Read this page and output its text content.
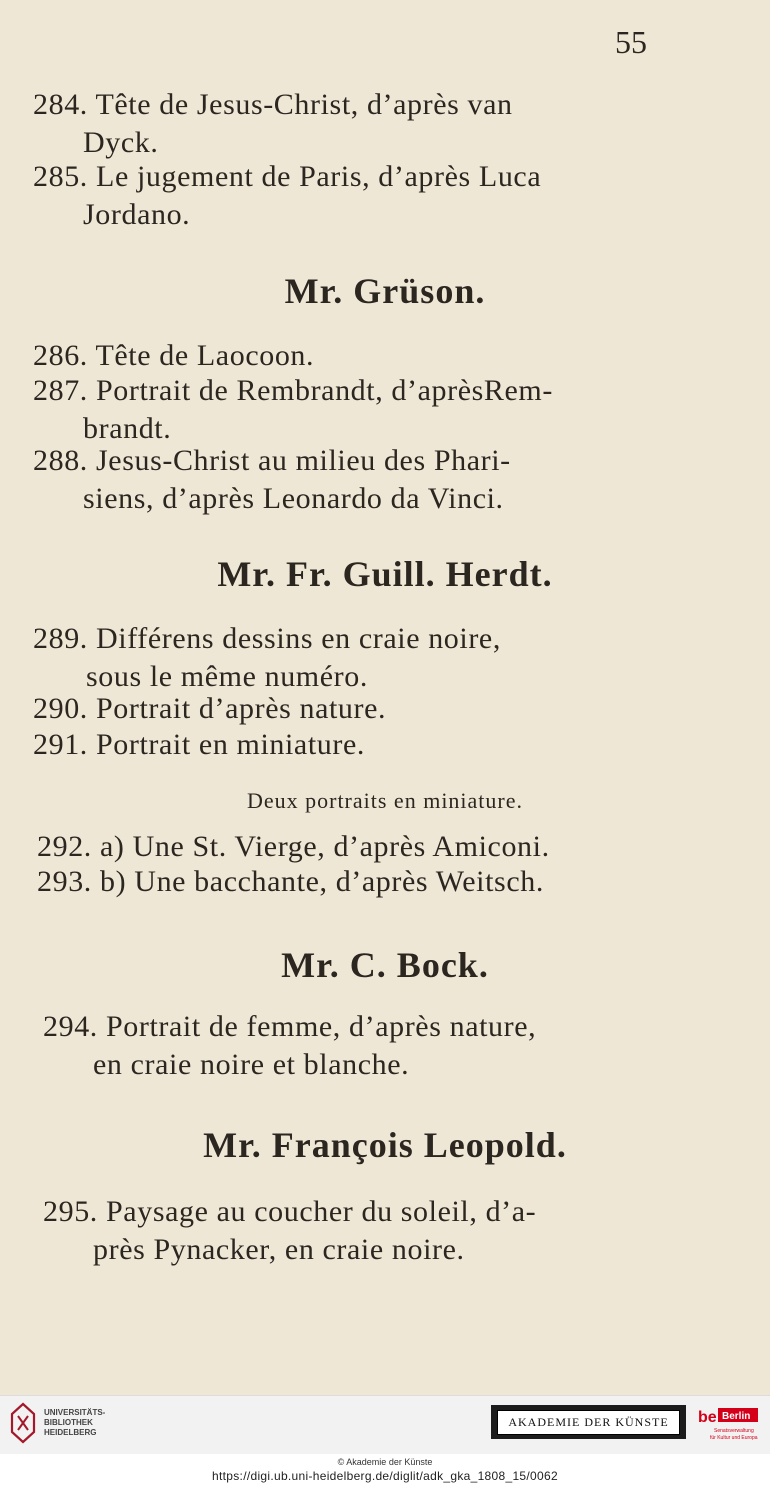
55

284. Tête de Jesus-Christ, d’après van
Dyck.

285. Le jugement de Paris, d’après Luca
Jordano.

Mr. Grüson.

286. Tête de Laocoon.

287. Portrait de Rembrandt, d’aprèsRem-
brandt.

288. Jesus-Christ au milieu des Phari-
siens, d’après Leonardo da Vinci.

Mr. Fr. Guill. Herdt.

289. Différens dessins en craie noire,
sous le même numéro.

290. Portrait d’après nature.

291. Portrait en miniature.

Deux portraits en miniature.

292. a) Une St. Vierge, d’après Amiconi.

293. b) Une bacchante, d’après Weitsch.

Mr. C. Bock.

294. Portrait de femme, d’après nature,
en craie noire et blanche.

Mr. François Leopold.

295. Paysage au coucher du soleil, d’a-
près Pynacker, en craie noire.

UNIVERSITÄTS-
BIBLIOTHEK
HEIDELBERG
AKADEMIE DER KÜNSTE	be Berlin
Senatsverwaltung
für Kultur und Europa

© Akademie der Künste

https://digi.ub.uni-heidelberg.de/diglit/adk_gka_1808_15/0062
